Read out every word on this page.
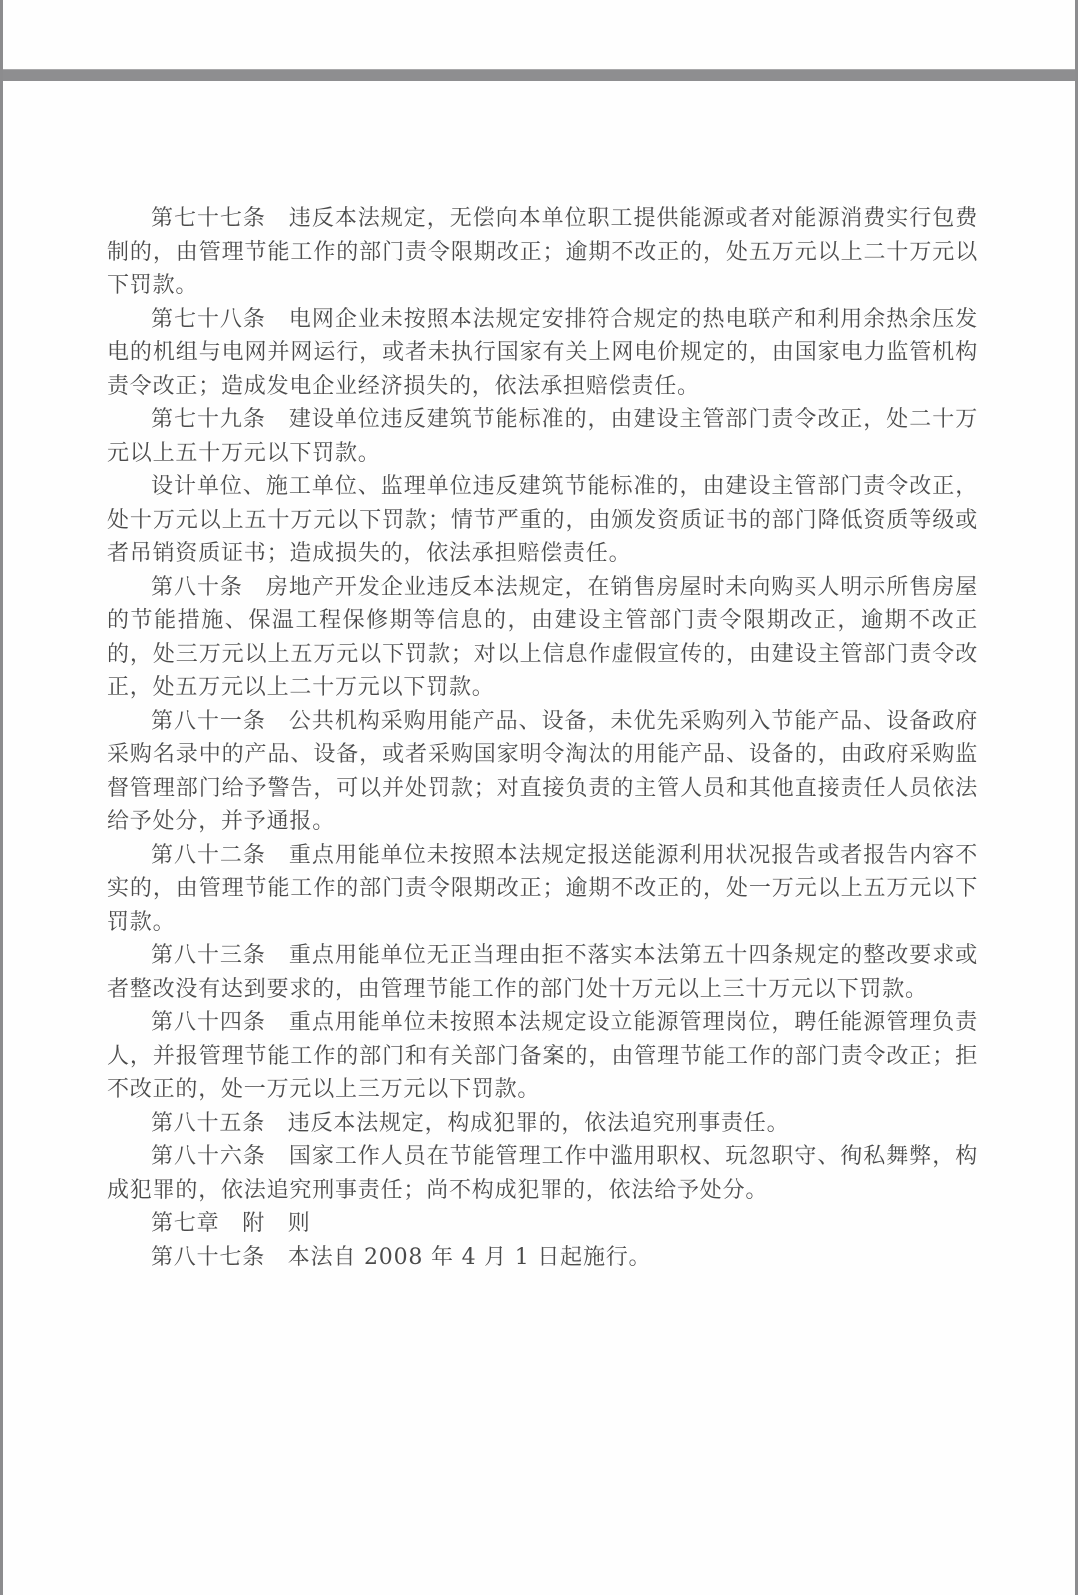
第七十七条　违反本法规定，无偿向本单位职工提供能源或者对能源消费实行包费制的，由管理节能工作的部门责令限期改正；逾期不改正的，处五万元以上二十万元以下罚款。

第七十八条　电网企业未按照本法规定安排符合规定的热电联产和利用余热余压发电的机组与电网并网运行，或者未执行国家有关上网电价规定的，由国家电力监管机构责令改正；造成发电企业经济损失的，依法承担赔偿责任。

第七十九条　建设单位违反建筑节能标准的，由建设主管部门责令改正，处二十万元以上五十万元以下罚款。

设计单位、施工单位、监理单位违反建筑节能标准的，由建设主管部门责令改正，处十万元以上五十万元以下罚款；情节严重的，由颁发资质证书的部门降低资质等级或者吊销资质证书；造成损失的，依法承担赔偿责任。

第八十条　房地产开发企业违反本法规定，在销售房屋时未向购买人明示所售房屋的节能措施、保温工程保修期等信息的，由建设主管部门责令限期改正，逾期不改正的，处三万元以上五万元以下罚款；对以上信息作虚假宣传的，由建设主管部门责令改正，处五万元以上二十万元以下罚款。

第八十一条　公共机构采购用能产品、设备，未优先采购列入节能产品、设备政府采购名录中的产品、设备，或者采购国家明令淘汰的用能产品、设备的，由政府采购监督管理部门给予警告，可以并处罚款；对直接负责的主管人员和其他直接责任人员依法给予处分，并予通报。

第八十二条　重点用能单位未按照本法规定报送能源利用状况报告或者报告内容不实的，由管理节能工作的部门责令限期改正；逾期不改正的，处一万元以上五万元以下罚款。

第八十三条　重点用能单位无正当理由拒不落实本法第五十四条规定的整改要求或者整改没有达到要求的，由管理节能工作的部门处十万元以上三十万元以下罚款。

第八十四条　重点用能单位未按照本法规定设立能源管理岗位，聘任能源管理负责人，并报管理节能工作的部门和有关部门备案的，由管理节能工作的部门责令改正；拒不改正的，处一万元以上三万元以下罚款。

第八十五条　违反本法规定，构成犯罪的，依法追究刑事责任。

第八十六条　国家工作人员在节能管理工作中滥用职权、玩忽职守、徇私舞弊，构成犯罪的，依法追究刑事责任；尚不构成犯罪的，依法给予处分。

第七章　附　则

第八十七条　本法自 2008 年 4 月 1 日起施行。
